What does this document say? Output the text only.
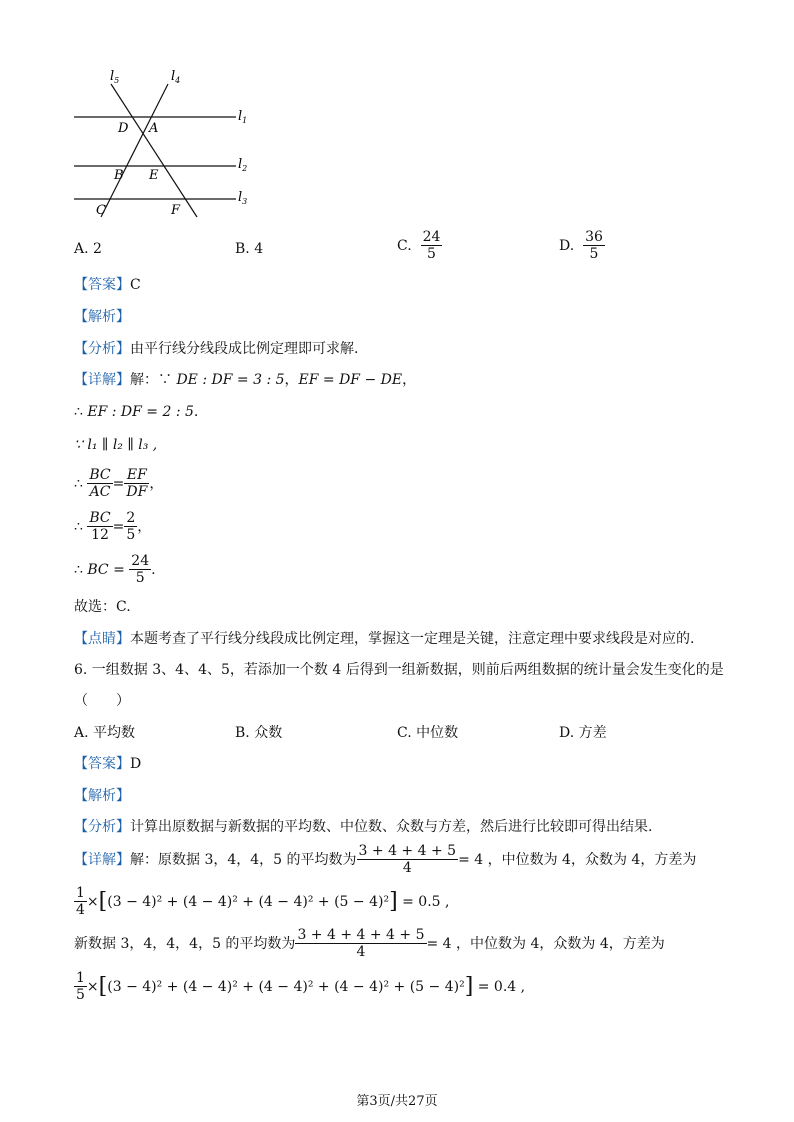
$l_5$	$l_4$
$l_1$
$l_2$
$l_3$
D A
B E
C	F
A. 2	B. 4	C.
$\frac{24}{5}$	D.
$\frac{36}{5}$
【答案】C
【解析】
【分析】由平行线分线段成比例定理即可求解.
【详解】解：∵ DE : DF = 3 : 5，EF = DF − DE，
∴ EF : DF = 2 : 5.
∵ l₁ ∥ l₂ ∥ l₃ ,
∴
$\frac{BC}{AC} = \frac{EF}{DF}$ ，
∴
$\frac{BC}{12} = \frac{2}{5}$ ，
∴
BC
=
$\frac{24}{5}$ .
故选：C.
【点睛】本题考查了平行线分线段成比例定理，掌握这一定理是关键，注意定理中要求线段是对应的.
6. 一组数据 3、4、4、5，若添加一个数 4 后得到一组新数据，则前后两组数据的统计量会发生变化的是
（　　）
A. 平均数	B. 众数	C. 中位数	D. 方差
【答案】D
【解析】
【分析】计算出原数据与新数据的平均数、中位数、众数与方差，然后进行比较即可得出结果.
【详解】 解：原数据 3，4，4，5 的平均数为 $\frac{3 + 4 + 4 + 5}{4} = 4$ ，中位数为 4，众数为 4，方差为
$\frac{1}{4}$ × [ (3 − 4)² + (4 − 4)² + (4 − 4)² + (5 − 4)² ]
= 0.5 ,
新数据 3，4，4，4，5 的平均数为 $\frac{3 + 4 + 4 + 4 + 5}{4} = 4$ ，中位数为 4，众数为 4，方差为
$\frac{1}{5}$ × [ (3 − 4)² + (4 − 4)² + (4 − 4)² + (4 − 4)² + (5 − 4)² ]
= 0.4 ,
第3页/共27页
